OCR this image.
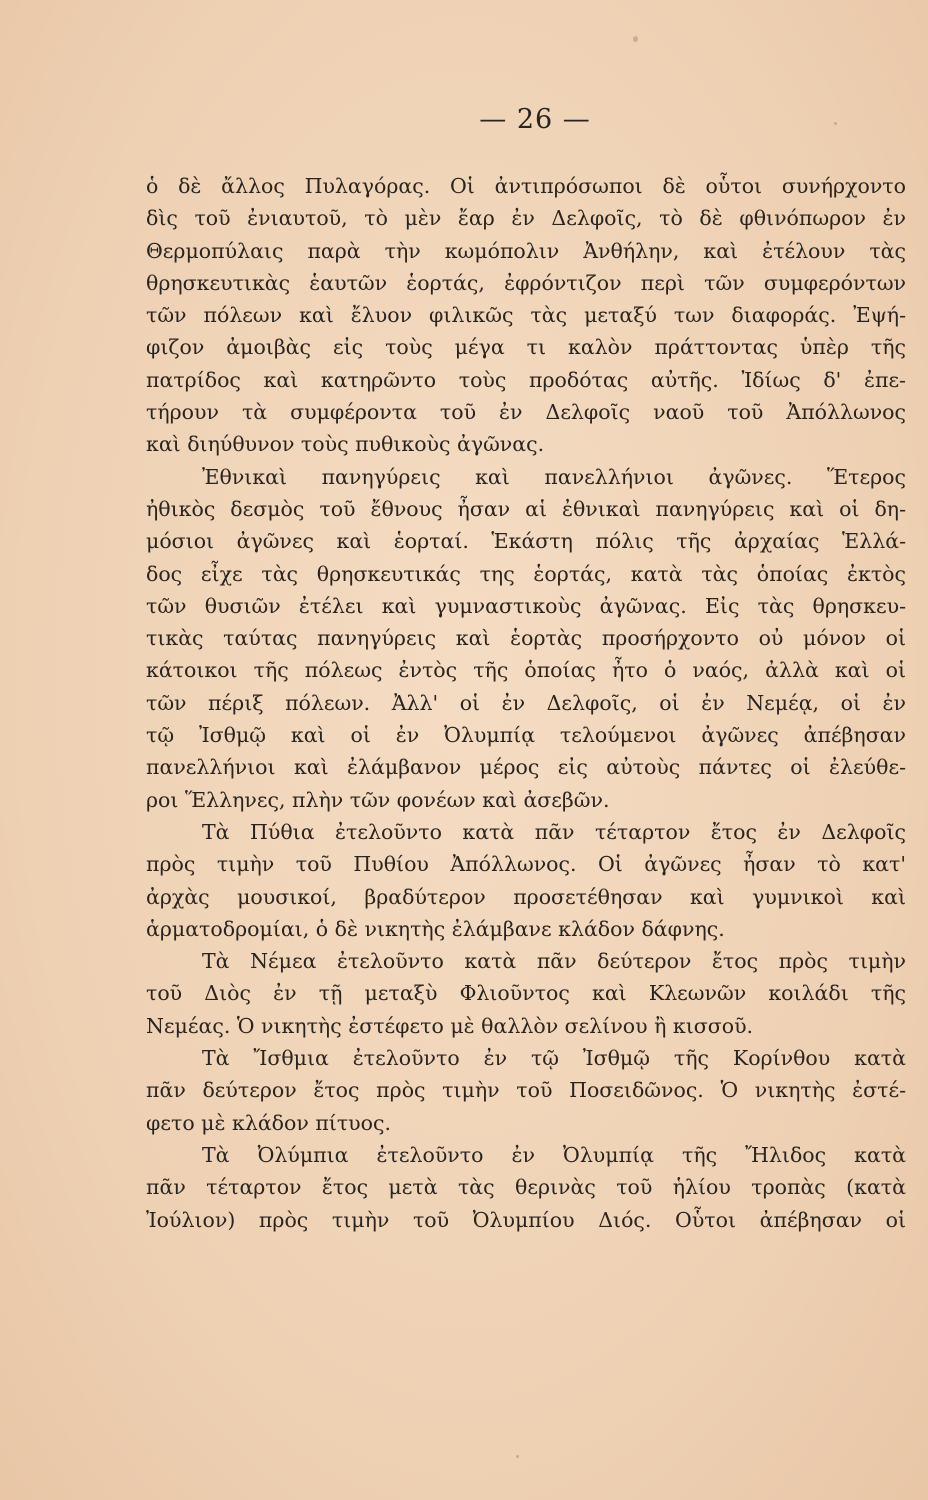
— 26 —
ὁ δὲ ἄλλος Πυλαγόρας. Οἱ ἀντιπρόσωποι δὲ οὗτοι συνήρχοντο
δὶς τοῦ ἐνιαυτοῦ, τὸ μὲν ἔαρ ἐν Δελφοῖς, τὸ δὲ φθινόπωρον ἐν
Θερμοπύλαις παρὰ τὴν κωμόπολιν Ἀνθήλην, καὶ ἐτέλουν τὰς
θρησκευτικὰς ἑαυτῶν ἑορτάς, ἐφρόντιζον περὶ τῶν συμφερόντων
τῶν πόλεων καὶ ἔλυον φιλικῶς τὰς μεταξύ των διαφοράς. Ἐψή-
φιζον ἀμοιβὰς εἰς τοὺς μέγα τι καλὸν πράττοντας ὑπὲρ τῆς
πατρίδος καὶ κατηρῶντο τοὺς προδότας αὐτῆς. Ἰδίως δ' ἐπε-
τήρουν τὰ συμφέροντα τοῦ ἐν Δελφοῖς ναοῦ τοῦ Ἀπόλλωνος
καὶ διηύθυνον τοὺς πυθικοὺς ἀγῶνας.
Ἐθνικαὶ πανηγύρεις καὶ πανελλήνιοι ἀγῶνες. Ἕτερος
ἠθικὸς δεσμὸς τοῦ ἔθνους ἦσαν αἱ ἐθνικαὶ πανηγύρεις καὶ οἱ δη-
μόσιοι ἀγῶνες καὶ ἑορταί. Ἑκάστη πόλις τῆς ἀρχαίας Ἑλλά-
δος εἶχε τὰς θρησκευτικάς της ἑορτάς, κατὰ τὰς ὁποίας ἐκτὸς
τῶν θυσιῶν ἐτέλει καὶ γυμναστικοὺς ἀγῶνας. Εἰς τὰς θρησκευ-
τικὰς ταύτας πανηγύρεις καὶ ἑορτὰς προσήρχοντο οὐ μόνον οἱ
κάτοικοι τῆς πόλεως ἐντὸς τῆς ὁποίας ἦτο ὁ ναός, ἀλλὰ καὶ οἱ
τῶν πέριξ πόλεων. Ἀλλ' οἱ ἐν Δελφοῖς, οἱ ἐν Νεμέᾳ, οἱ ἐν
τῷ Ἰσθμῷ καὶ οἱ ἐν Ὀλυμπίᾳ τελούμενοι ἀγῶνες ἀπέβησαν
πανελλήνιοι καὶ ἐλάμβανον μέρος εἰς αὐτοὺς πάντες οἱ ἐλεύθε-
ροι Ἕλληνες, πλὴν τῶν φονέων καὶ ἀσεβῶν.
Τὰ Πύθια ἐτελοῦντο κατὰ πᾶν τέταρτον ἔτος ἐν Δελφοῖς
πρὸς τιμὴν τοῦ Πυθίου Ἀπόλλωνος. Οἱ ἀγῶνες ἦσαν τὸ κατ'
ἀρχὰς μουσικοί, βραδύτερον προσετέθησαν καὶ γυμνικοὶ καὶ
ἁρματοδρομίαι, ὁ δὲ νικητὴς ἐλάμβανε κλάδον δάφνης.
Τὰ Νέμεα ἐτελοῦντο κατὰ πᾶν δεύτερον ἔτος πρὸς τιμὴν
τοῦ Διὸς ἐν τῇ μεταξὺ Φλιοῦντος καὶ Κλεωνῶν κοιλάδι τῆς
Νεμέας. Ὁ νικητὴς ἐστέφετο μὲ θαλλὸν σελίνου ἢ κισσοῦ.
Τὰ Ἴσθμια ἐτελοῦντο ἐν τῷ Ἰσθμῷ τῆς Κορίνθου κατὰ
πᾶν δεύτερον ἔτος πρὸς τιμὴν τοῦ Ποσειδῶνος. Ὁ νικητὴς ἐστέ-
φετο μὲ κλάδον πίτυος.
Τὰ Ὀλύμπια ἐτελοῦντο ἐν Ὀλυμπίᾳ τῆς Ἤλιδος κατὰ
πᾶν τέταρτον ἔτος μετὰ τὰς θερινὰς τοῦ ἡλίου τροπὰς (κατὰ
Ἰούλιον) πρὸς τιμὴν τοῦ Ὀλυμπίου Διός. Οὗτοι ἀπέβησαν οἱ
